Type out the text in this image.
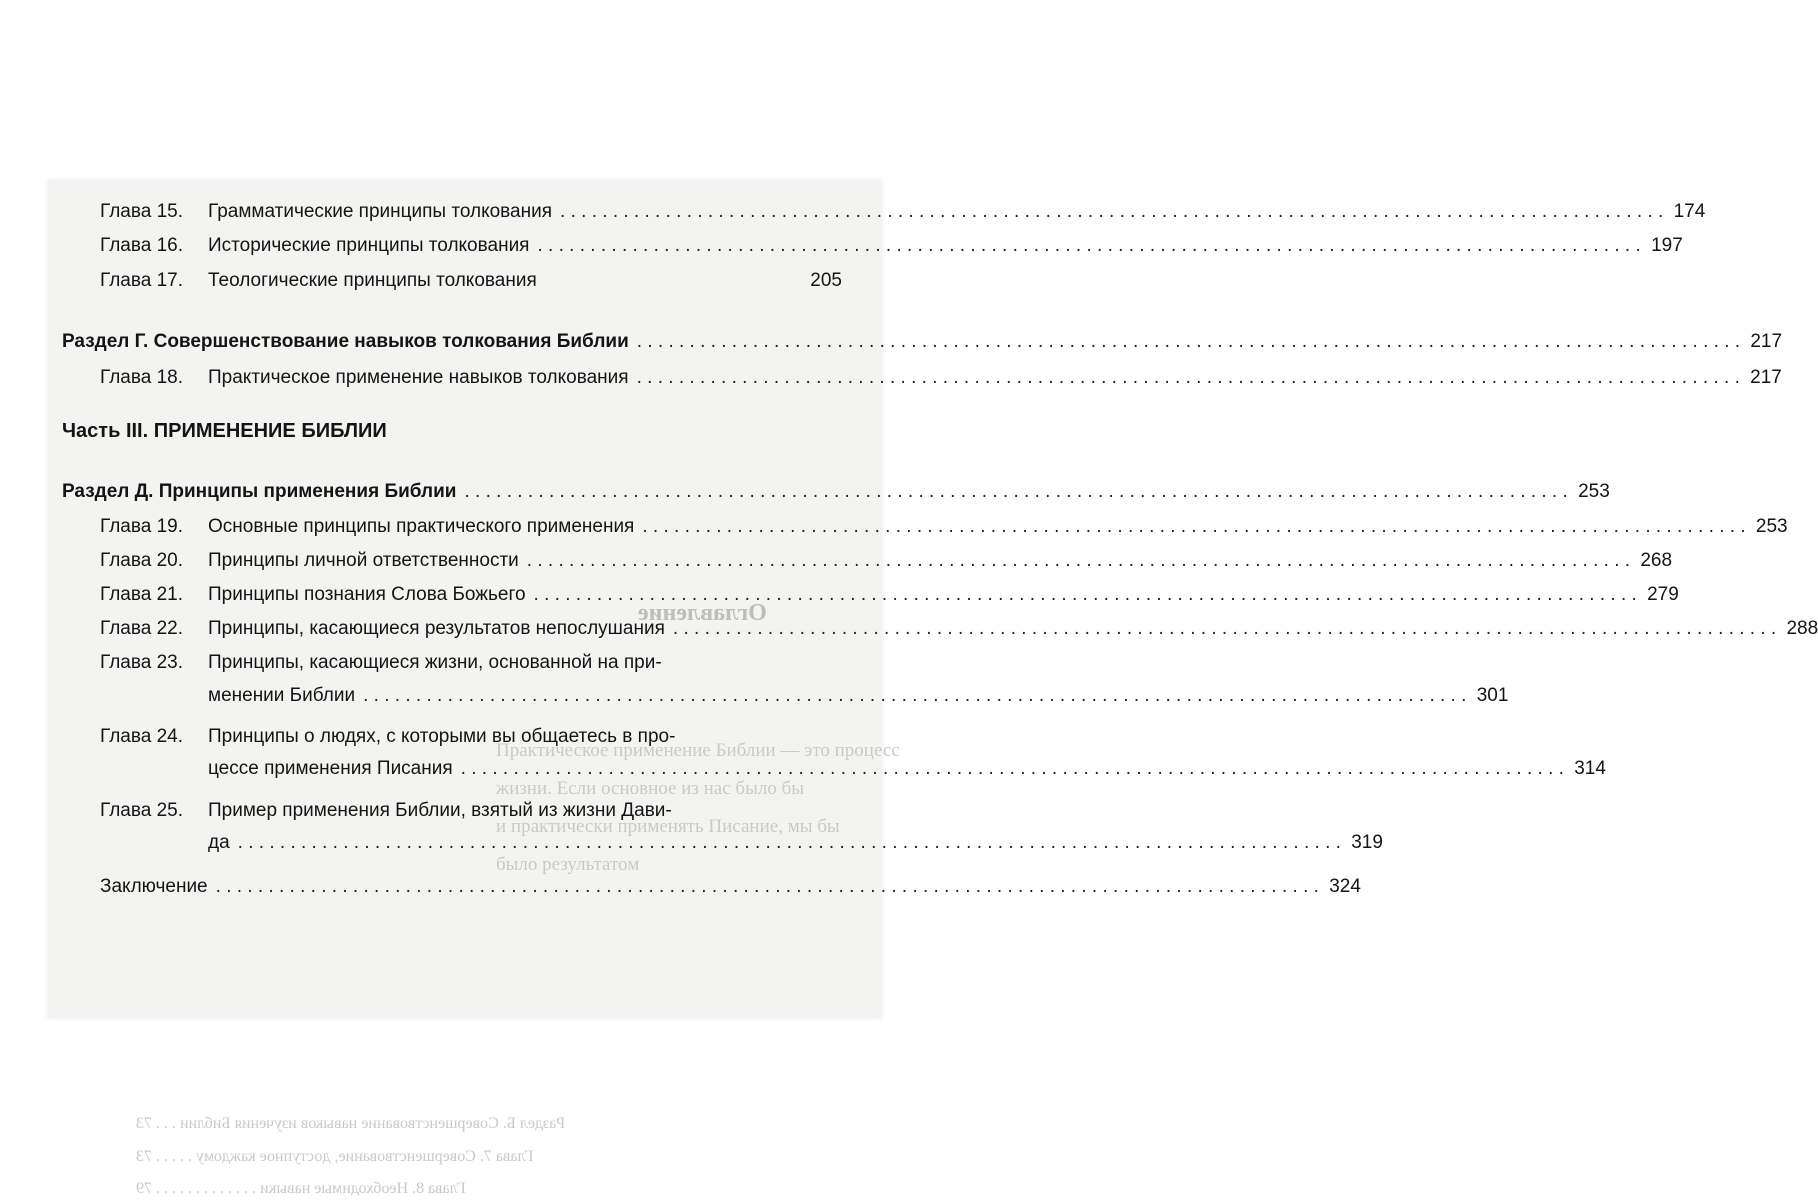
Оглавление
Практическое применение Библии — это процесс
жизни. Если основное из нас было бы
и практически применять Писание, мы бы
было результатом
Раздел Б. Совершенствование навыков изучения Библии . . . 73
Глава 7. Совершенствование, доступное каждому . . . . . 73
Глава 8. Необходимые навыки . . . . . . . . . . . . . 79
Глава 15.	Грамматические принципы толкования . . .	174
Глава 16.	Исторические принципы толкования . . .	197
Глава 17.	Теологические принципы толкования	205
Раздел Г. Совершенствование навыков толкования Библии . . .	217
Глава 18.	Практическое применение навыков толкования . . .	217
Часть III. ПРИМЕНЕНИЕ БИБЛИИ
Раздел Д. Принципы применения Библии . . .	253
Глава 19.	Основные принципы практического применения . . .	253
Глава 20.	Принципы личной ответственности . . .	268
Глава 21.	Принципы познания Слова Божьего . . .	279
Глава 22.	Принципы, касающиеся результатов непослушания . . .	288
Глава 23. Принципы, касающиеся жизни, основанной на при-
менении Библии . . .	301
Глава 24. Принципы о людях, с которыми вы общаетесь в про-
цессе применения Писания . . .	314
Глава 25. Пример применения Библии, взятый из жизни Дави-
да . . .	319
Заключение . . .	324
